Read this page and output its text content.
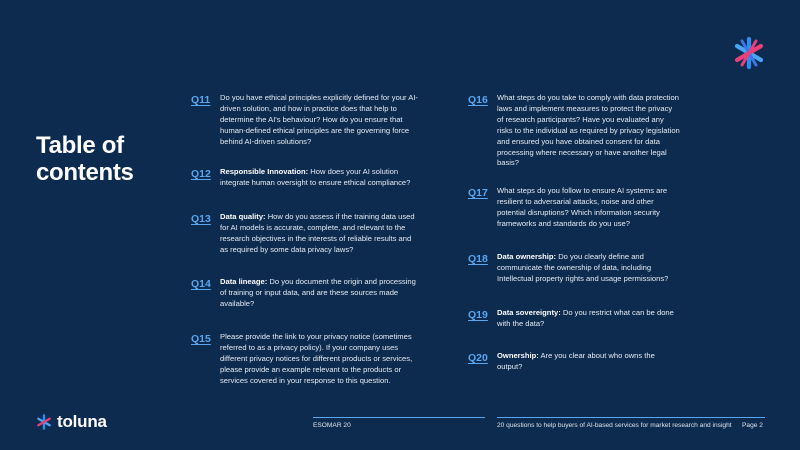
Table of
contents
Q11	Do you have ethical principles explicitly defined for your AI-driven solution, and how in practice does that help to determine the AI's behaviour? How do you ensure that human-defined ethical principles are the governing force behind AI-driven solutions?
Q12	Responsible Innovation: How does your AI solution integrate human oversight to ensure ethical compliance?
Q13	Data quality: How do you assess if the training data used for AI models is accurate, complete, and relevant to the research objectives in the interests of reliable results and as required by some data privacy laws?
Q14	Data lineage: Do you document the origin and processing of training or input data, and are these sources made available?
Q15	Please provide the link to your privacy notice (sometimes referred to as a privacy policy). If your company uses different privacy notices for different products or services, please provide an example relevant to the products or services covered in your response to this question.
Q16	What steps do you take to comply with data protection laws and implement measures to protect the privacy of research participants? Have you evaluated any risks to the individual as required by privacy legislation and ensured you have obtained consent for data processing where necessary or have another legal basis?
Q17	What steps do you follow to ensure AI systems are resilient to adversarial attacks, noise and other potential disruptions? Which information security frameworks and standards do you use?
Q18	Data ownership: Do you clearly define and communicate the ownership of data, including Intellectual property rights and usage permissions?
Q19	Data sovereignty: Do you restrict what can be done with the data?
Q20	Ownership: Are you clear about who owns the output?
toluna	ESOMAR 20	20 questions to help buyers of AI-based services for market research and insight Page 2
